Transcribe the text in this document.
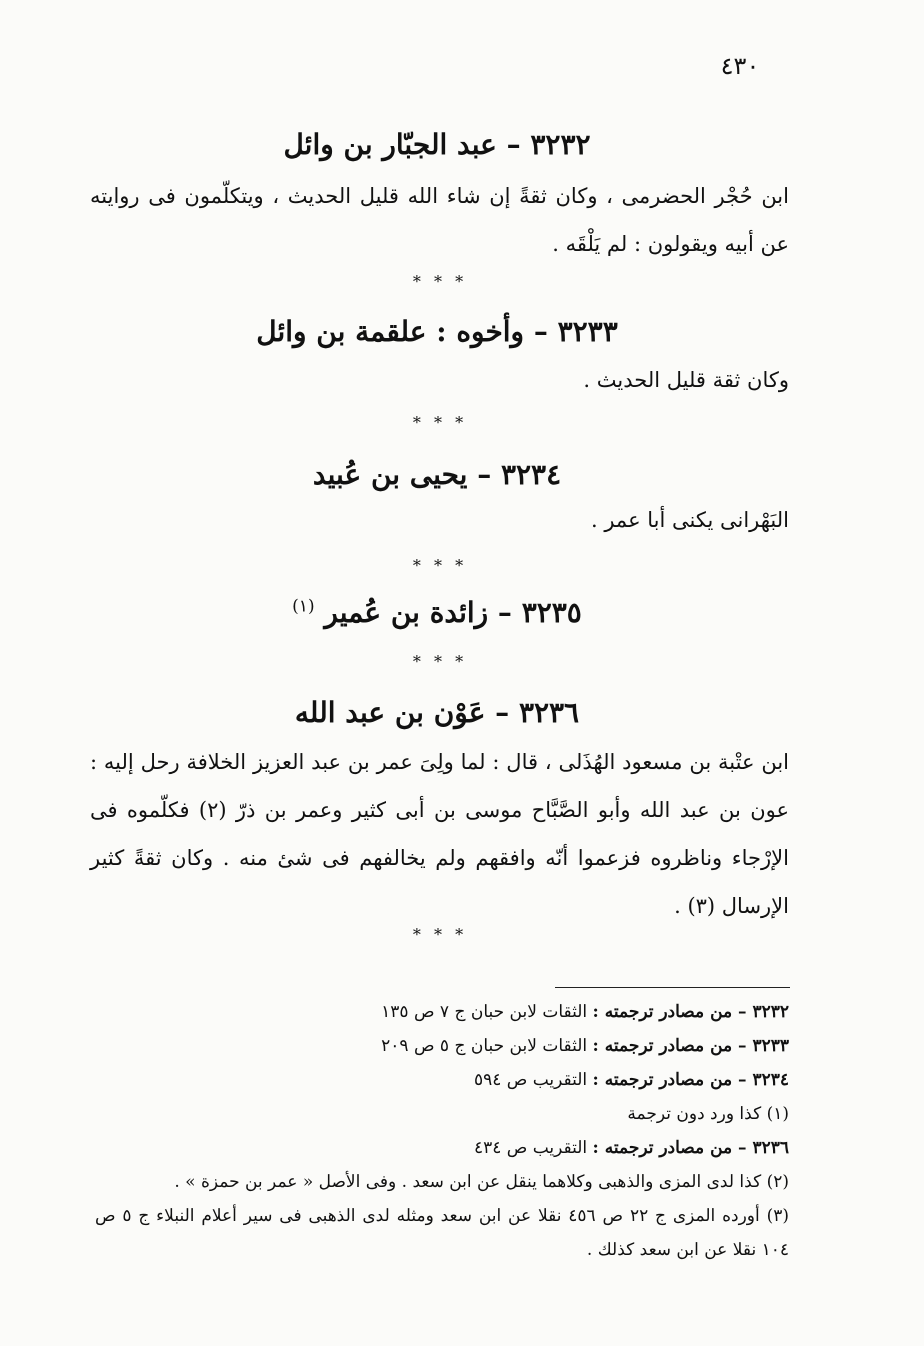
٤٣٠
٣٢٣٢ – عبد الجبّار بن وائل
ابن حُجْر الحضرمى ، وكان ثقةً إن شاء الله قليل الحديث ، ويتكلّمون فى روايته عن أبيه ويقولون : لم يَلْقَه .
* * *
٣٢٣٣ – وأخوه : علقمة بن وائل
وكان ثقة قليل الحديث .
* * *
٣٢٣٤ – يحيى بن عُبيد
البَهْرانى يكنى أبا عمر .
* * *
٣٢٣٥ – زائدة بن عُمير $^{(١)}$
* * *
٣٢٣٦ – عَوْن بن عبد الله
ابن عتْبة بن مسعود الهُذَلى ، قال : لما ولِىَ عمر بن عبد العزيز الخلافة رحل إليه : عون بن عبد الله وأبو الصَّبَّاح موسى بن أبى كثير وعمر بن ذرّ (٢) فكلّموه فى الإرْجاء وناظروه فزعموا أنّه وافقهم ولم يخالفهم فى شئ منه . وكان ثقةً كثير الإرسال (٣) .
* * *
٣٢٣٢ – من مصادر ترجمته : الثقات لابن حبان ج ٧ ص ١٣٥
٣٢٣٣ – من مصادر ترجمته : الثقات لابن حبان ج ٥ ص ٢٠٩
٣٢٣٤ – من مصادر ترجمته : التقريب ص ٥٩٤
(١) كذا ورد دون ترجمة
٣٢٣٦ – من مصادر ترجمته : التقريب ص ٤٣٤
(٢) كذا لدى المزى والذهبى وكلاهما ينقل عن ابن سعد . وفى الأصل « عمر بن حمزة » .
(٣) أورده المزى ج ٢٢ ص ٤٥٦ نقلا عن ابن سعد ومثله لدى الذهبى فى سير أعلام النبلاء ج ٥ ص ١٠٤ نقلا عن ابن سعد كذلك .
